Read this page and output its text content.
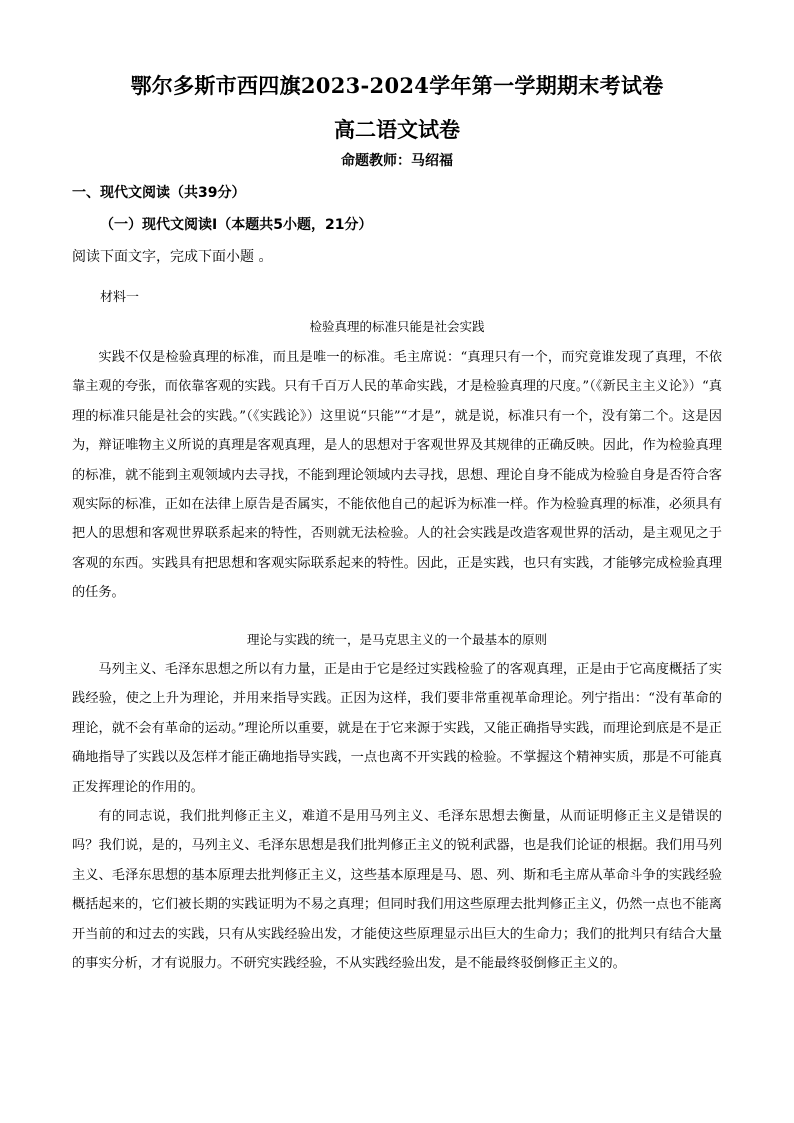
鄂尔多斯市西四旗2023-2024学年第一学期期末考试卷
高二语文试卷
命题教师：马绍福
一、现代文阅读（共39分）
（一）现代文阅读Ⅰ（本题共5小题，21分）
阅读下面文字，完成下面小题 。
材料一
检验真理的标准只能是社会实践

实践不仅是检验真理的标准，而且是唯一的标准。毛主席说：“真理只有一个，而究竟谁发现了真理，不依靠主观的夸张，而依靠客观的实践。只有千百万人民的革命实践，才是检验真理的尺度。”（《新民主主义论》）“真理的标准只能是社会的实践。”（《实践论》）这里说“只能”“才是”，就是说，标准只有一个，没有第二个。这是因为，辩证唯物主义所说的真理是客观真理，是人的思想对于客观世界及其规律的正确反映。因此，作为检验真理的标准，就不能到主观领域内去寻找，不能到理论领域内去寻找，思想、理论自身不能成为检验自身是否符合客观实际的标准，正如在法律上原告是否属实，不能依他自己的起诉为标准一样。作为检验真理的标准，必须具有把人的思想和客观世界联系起来的特性，否则就无法检验。人的社会实践是改造客观世界的活动，是主观见之于客观的东西。实践具有把思想和客观实际联系起来的特性。因此，正是实践，也只有实践，才能够完成检验真理的任务。

理论与实践的统一，是马克思主义的一个最基本的原则

马列主义、毛泽东思想之所以有力量，正是由于它是经过实践检验了的客观真理，正是由于它高度概括了实践经验，使之上升为理论，并用来指导实践。正因为这样，我们要非常重视革命理论。列宁指出：“没有革命的理论，就不会有革命的运动。”理论所以重要，就是在于它来源于实践，又能正确指导实践，而理论到底是不是正确地指导了实践以及怎样才能正确地指导实践，一点也离不开实践的检验。不掌握这个精神实质，那是不可能真正发挥理论的作用的。

有的同志说，我们批判修正主义，难道不是用马列主义、毛泽东思想去衡量，从而证明修正主义是错误的吗？我们说，是的，马列主义、毛泽东思想是我们批判修正主义的锐利武器，也是我们论证的根据。我们用马列主义、毛泽东思想的基本原理去批判修正主义，这些基本原理是马、恩、列、斯和毛主席从革命斗争的实践经验概括起来的，它们被长期的实践证明为不易之真理；但同时我们用这些原理去批判修正主义，仍然一点也不能离开当前的和过去的实践，只有从实践经验出发，才能使这些原理显示出巨大的生命力；我们的批判只有结合大量的事实分析，才有说服力。不研究实践经验，不从实践经验出发，是不能最终驳倒修正主义的。
